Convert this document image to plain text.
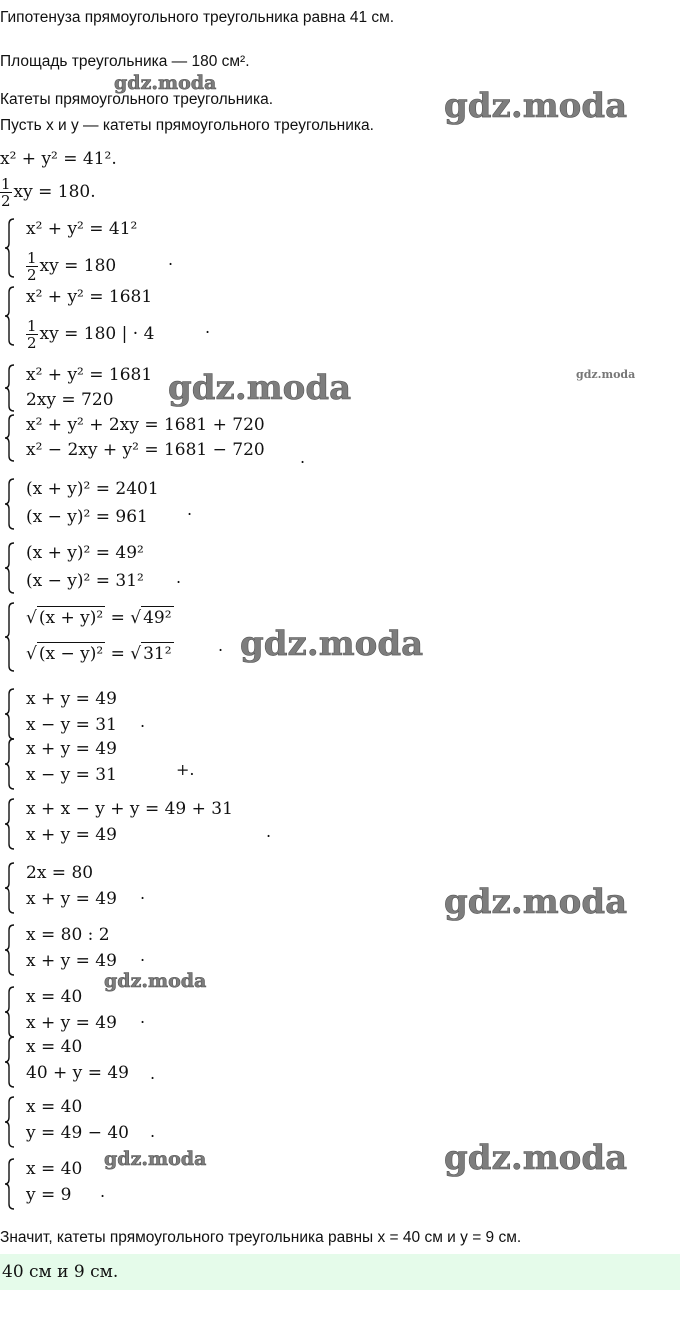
Гипотенуза прямоугольного треугольника равна 41 см.
Площадь треугольника — 180 см².
Катеты прямоугольного треугольника.
Пусть x и y — катеты прямоугольного треугольника.
x² + y² = 41².
$\frac{1}{2}$ xy = 180.
x² + y² = 41²
$\frac{1}{2}$ xy = 180
x² + y² = 1681
$\frac{1}{2}$ xy = 180 | · 4
x² + y² = 1681
2xy = 720
x² + y² + 2xy = 1681 + 720
x² − 2xy + y² = 1681 − 720
(x + y)² = 2401
(x − y)² = 961
(x + y)² = 49²
(x − y)² = 31²
√ (x + y)² = √ 49²
√ (x − y)² = √ 31²
x + y = 49
x − y = 31
x + y = 49
x − y = 31
x + x − y + y = 49 + 31
x + y = 49
2x = 80
x + y = 49
x = 80 : 2
x + y = 49
x = 40
x + y = 49
x = 40
40 + y = 49
x = 40
y = 49 − 40
x = 40
y = 9
.
.
.
.
.
.
.
+.
.
.
.
.
.
.
.
gdz.moda
gdz.moda
gdz.moda
gdz.moda
gdz.moda
gdz.moda
gdz.moda
gdz.moda	gdz.moda
Значит, катеты прямоугольного треугольника равны x = 40 см и y = 9 см.
40 см и 9 см.
